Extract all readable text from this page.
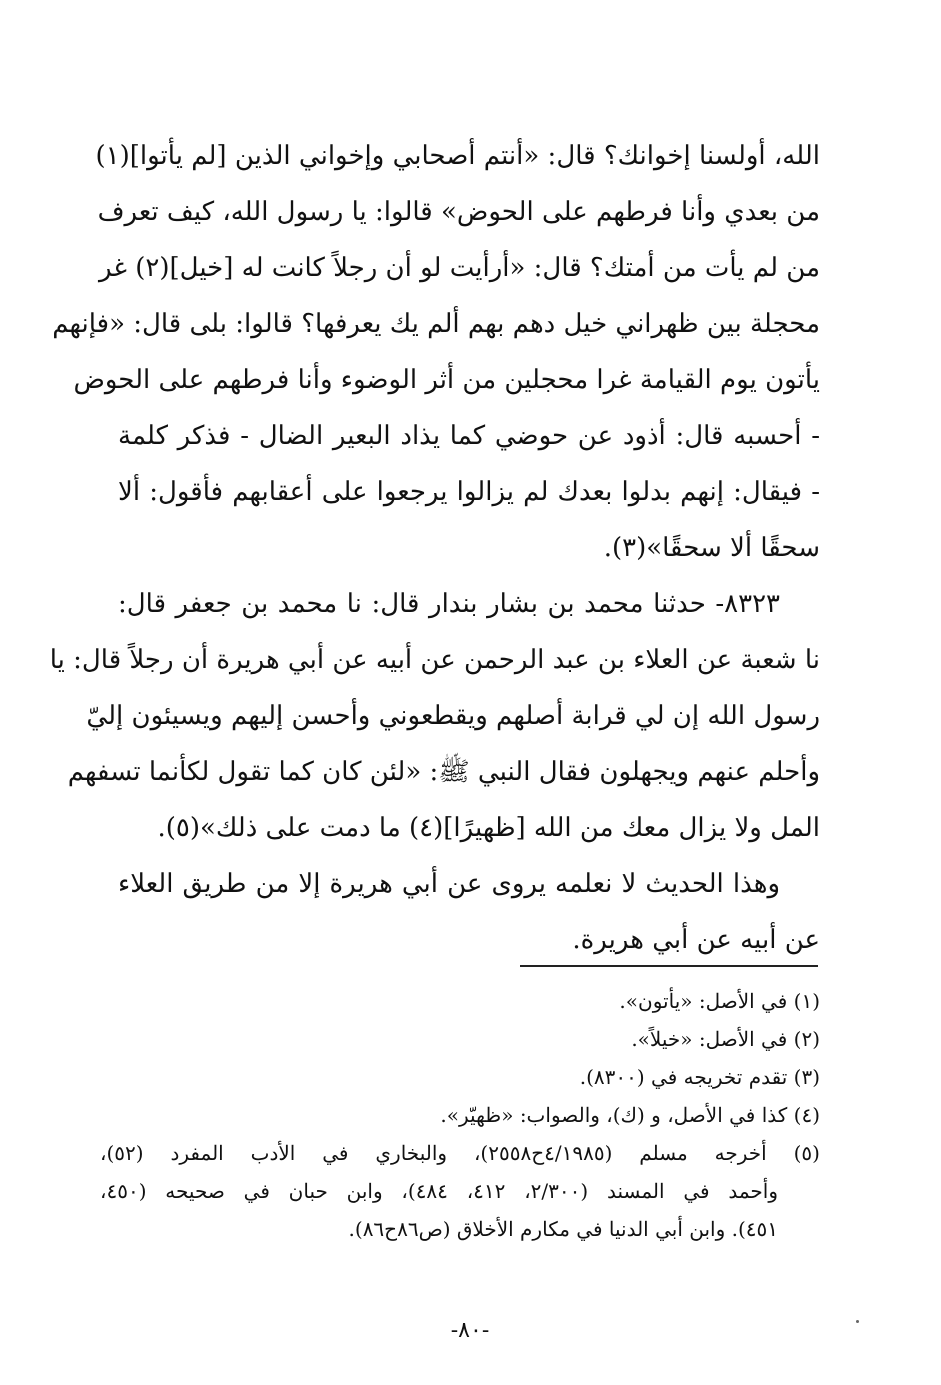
الله، أولسنا إخوانك؟ قال: «أنتم أصحابي وإخواني الذين [لم يأتوا](١)
من بعدي وأنا فرطهم على الحوض» قالوا: يا رسول الله، كيف تعرف
من لم يأت من أمتك؟ قال: «أرأيت لو أن رجلاً كانت له [خيل](٢) غر
محجلة بين ظهراني خيل دهم بهم ألم يك يعرفها؟ قالوا: بلى قال: «فإنهم
يأتون يوم القيامة غرا محجلين من أثر الوضوء وأنا فرطهم على الحوض
- أحسبه قال: أذود عن حوضي كما يذاد البعير الضال - فذكر كلمة
- فيقال: إنهم بدلوا بعدك لم يزالوا يرجعوا على أعقابهم فأقول: ألا
سحقًا ألا سحقًا»(٣).
٨٣٢٣- حدثنا محمد بن بشار بندار قال: نا محمد بن جعفر قال:
نا شعبة عن العلاء بن عبد الرحمن عن أبيه عن أبي هريرة أن رجلاً قال: يا
رسول الله إن لي قرابة أصلهم ويقطعوني وأحسن إليهم ويسيئون إليّ
وأحلم عنهم ويجهلون فقال النبي ﷺ: «لئن كان كما تقول لكأنما تسفهم
المل ولا يزال معك من الله [ظهيرًا](٤) ما دمت على ذلك»(٥).
وهذا الحديث لا نعلمه يروى عن أبي هريرة إلا من طريق العلاء
عن أبيه عن أبي هريرة.
(١) في الأصل: «يأتون».
(٢) في الأصل: «خيلاً».
(٣) تقدم تخريجه في (٨٣٠٠).
(٤) كذا في الأصل، و (ك)، والصواب: «ظهيّر».
(٥) أخرجه مسلم (٤/١٩٨٥ح٢٥٥٨)، والبخاري في الأدب المفرد (٥٢)،
وأحمد في المسند (٢/٣٠٠، ٤١٢، ٤٨٤)، وابن حبان في صحيحه (٤٥٠،
٤٥١). وابن أبي الدنيا في مكارم الأخلاق (ص٨٦ح٨٦).
-٨٠-
